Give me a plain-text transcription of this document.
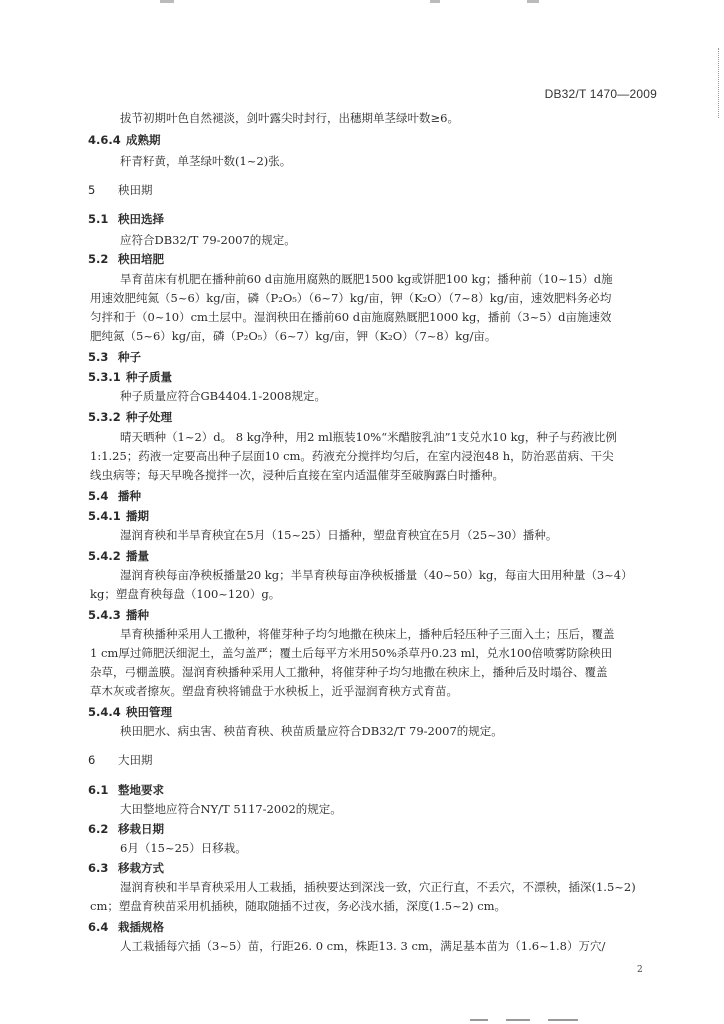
DB32/T 1470—2009
拔节初期叶色自然褪淡，剑叶露尖时封行，出穗期单茎绿叶数≥6。
4.6.4 成熟期
秆青籽黄，单茎绿叶数(1~2)张。
5 秧田期
5.1 秧田选择
应符合DB32/T 79-2007的规定。
5.2 秧田培肥
旱育苗床有机肥在播种前60 d亩施用腐熟的厩肥1500 kg或饼肥100 kg；播种前（10~15）d施
用速效肥纯氮（5~6）kg/亩，磷（P₂O₅）（6~7）kg/亩，钾（K₂O）（7~8）kg/亩，速效肥料务必均
匀拌和于（0~10）cm土层中。湿润秧田在播前60 d亩施腐熟厩肥1000 kg，播前（3~5）d亩施速效
肥纯氮（5~6）kg/亩，磷（P₂O₅）（6~7）kg/亩，钾（K₂O）（7~8）kg/亩。
5.3 种子
5.3.1 种子质量
种子质量应符合GB4404.1-2008规定。
5.3.2 种子处理
晴天晒种（1~2）d。 8 kg净种，用2 ml瓶装10%“米醋胺乳油”1支兑水10 kg，种子与药液比例
1:1.25；药液一定要高出种子层面10 cm。药液充分搅拌均匀后，在室内浸泡48 h，防治恶苗病、干尖
线虫病等；每天早晚各搅拌一次，浸种后直接在室内适温催芽至破胸露白时播种。
5.4 播种
5.4.1 播期
湿润育秧和半旱育秧宜在5月（15~25）日播种，塑盘育秧宜在5月（25~30）播种。
5.4.2 播量
湿润育秧每亩净秧板播量20 kg；半旱育秧每亩净秧板播量（40~50）kg，每亩大田用种量（3~4）
kg；塑盘育秧每盘（100~120）g。
5.4.3 播种
旱育秧播种采用人工撒种，将催芽种子均匀地撒在秧床上，播种后轻压种子三面入土；压后，覆盖
1 cm厚过筛肥沃细泥土，盖匀盖严；覆土后每平方米用50%杀草丹0.23 ml，兑水100倍喷雾防除秧田
杂草，弓棚盖膜。湿润育秧播种采用人工撒种，将催芽种子均匀地撒在秧床上，播种后及时塌谷、覆盖
草木灰或者擦灰。塑盘育秧将铺盘于水秧板上，近乎湿润育秧方式育苗。
5.4.4 秧田管理
秧田肥水、病虫害、秧苗育秧、秧苗质量应符合DB32/T 79-2007的规定。
6 大田期
6.1 整地要求
大田整地应符合NY/T 5117-2002的规定。
6.2 移栽日期
6月（15~25）日移栽。
6.3 移栽方式
湿润育秧和半旱育秧采用人工栽插，插秧要达到深浅一致，穴正行直，不丢穴，不漂秧，插深(1.5~2)
cm；塑盘育秧苗采用机插秧，随取随插不过夜，务必浅水插，深度(1.5~2) cm。
6.4 栽插规格
人工栽插每穴插（3~5）苗，行距26. 0 cm，株距13. 3 cm，满足基本苗为（1.6~1.8）万穴/
2
